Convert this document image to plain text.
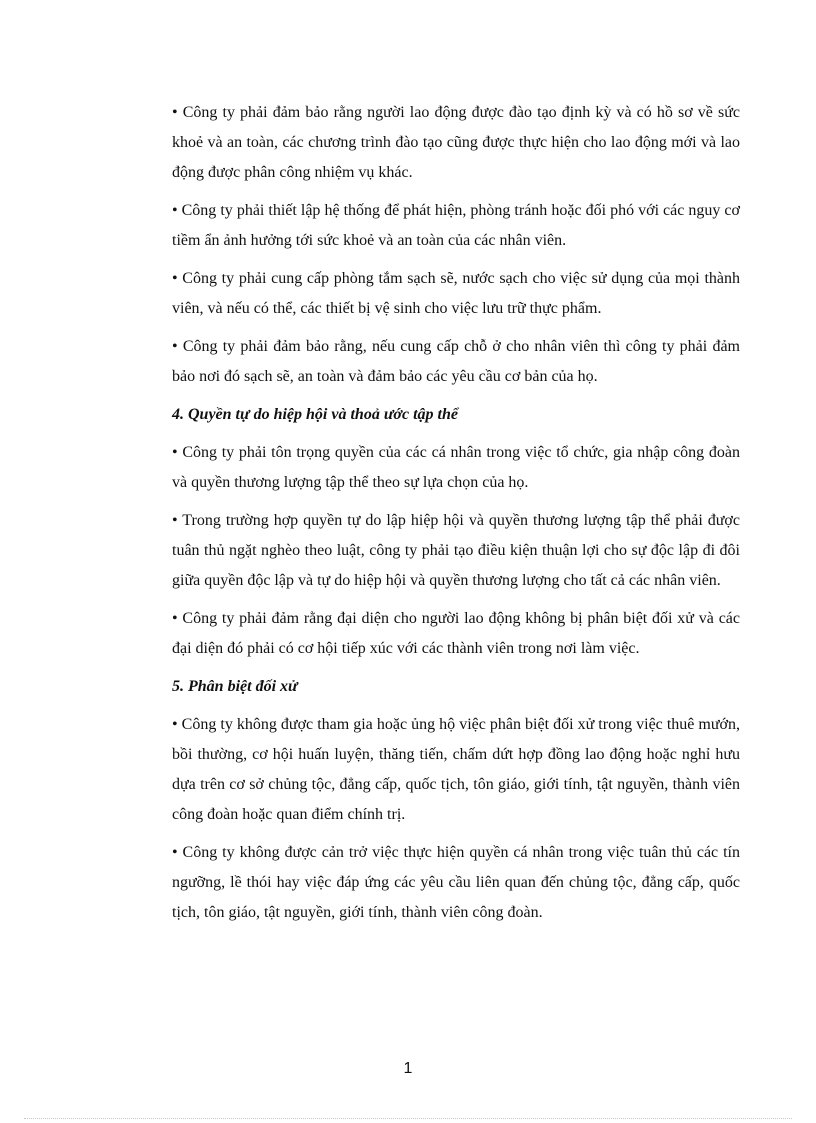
• Công ty phải đảm bảo rằng người lao động được đào tạo định kỳ và có hồ sơ về sức khoẻ và an toàn, các chương trình đào tạo cũng được thực hiện cho lao động mới và lao động được phân công nhiệm vụ khác.

• Công ty phải thiết lập hệ thống để phát hiện, phòng tránh hoặc đối phó với các nguy cơ tiềm ẩn ảnh hưởng tới sức khoẻ và an toàn của các nhân viên.

• Công ty phải cung cấp phòng tắm sạch sẽ, nước sạch cho việc sử dụng của mọi thành viên, và nếu có thể, các thiết bị vệ sinh cho việc lưu trữ thực phẩm.

• Công ty phải đảm bảo rằng, nếu cung cấp chỗ ở cho nhân viên thì công ty phải đảm bảo nơi đó sạch sẽ, an toàn và đảm bảo các yêu cầu cơ bản của họ.

4. Quyền tự do hiệp hội và thoả ước tập thể

• Công ty phải tôn trọng quyền của các cá nhân trong việc tổ chức, gia nhập công đoàn và quyền thương lượng tập thể theo sự lựa chọn của họ.

• Trong trường hợp quyền tự do lập hiệp hội và quyền thương lượng tập thể phải được tuân thủ ngặt nghèo theo luật, công ty phải tạo điều kiện thuận lợi cho sự độc lập đi đôi giữa quyền độc lập và tự do hiệp hội và quyền thương lượng cho tất cả các nhân viên.

• Công ty phải đảm rằng đại diện cho người lao động không bị phân biệt đối xử và các đại diện đó phải có cơ hội tiếp xúc với các thành viên trong nơi làm việc.

5. Phân biệt đối xử

• Công ty không được tham gia hoặc ủng hộ việc phân biệt đối xử trong việc thuê mướn, bồi thường, cơ hội huấn luyện, thăng tiến, chấm dứt hợp đồng lao động hoặc nghỉ hưu dựa trên cơ sở chủng tộc, đẳng cấp, quốc tịch, tôn giáo, giới tính, tật nguyền, thành viên công đoàn hoặc quan điểm chính trị.

• Công ty không được cản trở việc thực hiện quyền cá nhân trong việc tuân thủ các tín ngưỡng, lề thói hay việc đáp ứng các yêu cầu liên quan đến chủng tộc, đẳng cấp, quốc tịch, tôn giáo, tật nguyền, giới tính, thành viên công đoàn.

1
